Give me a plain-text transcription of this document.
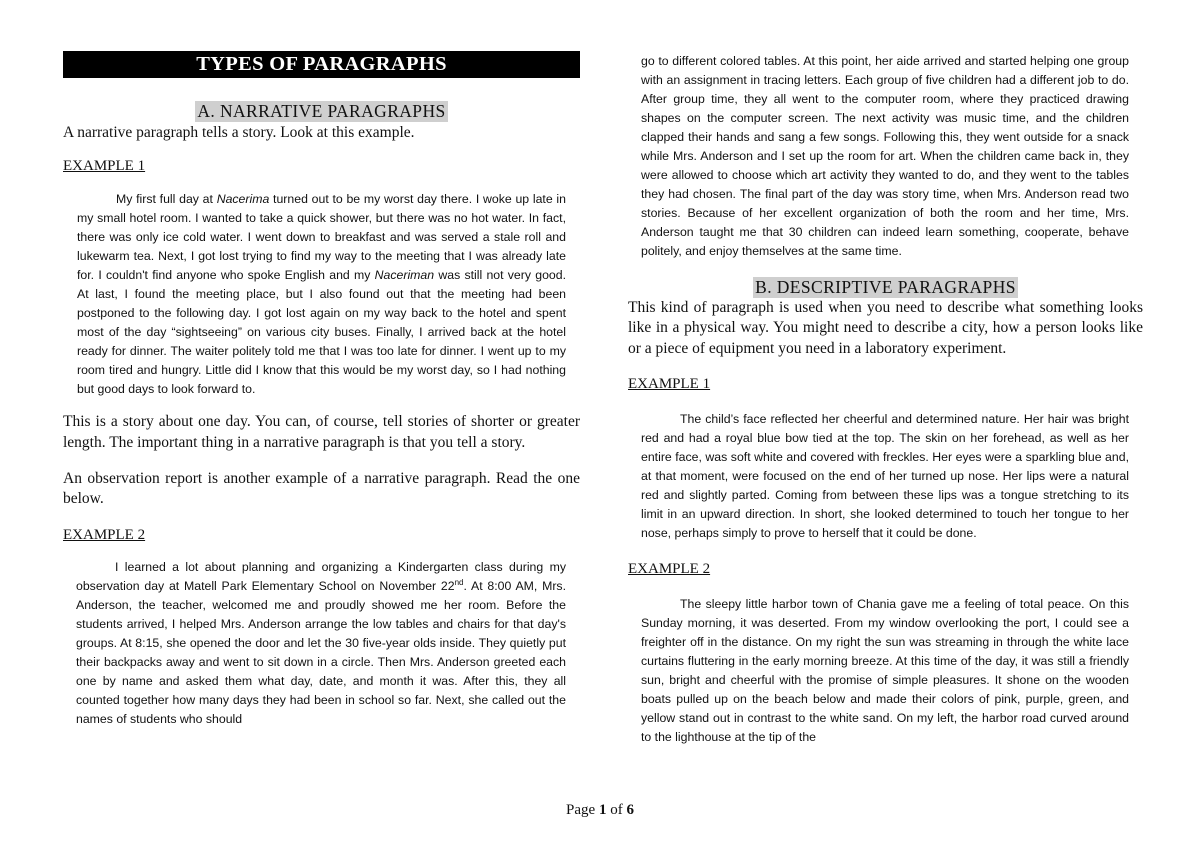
TYPES OF PARAGRAPHS
A. NARRATIVE PARAGRAPHS

A narrative paragraph tells a story. Look at this example.

EXAMPLE 1

My first full day at Nacerima turned out to be my worst day there. I woke up late in my small hotel room. I wanted to take a quick shower, but there was no hot water. In fact, there was only ice cold water. I went down to breakfast and was served a stale roll and lukewarm tea. Next, I got lost trying to find my way to the meeting that I was already late for. I couldn't find anyone who spoke English and my Naceriman was still not very good. At last, I found the meeting place, but I also found out that the meeting had been postponed to the following day. I got lost again on my way back to the hotel and spent most of the day “sightseeing” on various city buses. Finally, I arrived back at the hotel ready for dinner. The waiter politely told me that I was too late for dinner. I went up to my room tired and hungry. Little did I know that this would be my worst day, so I had nothing but good days to look forward to.

This is a story about one day. You can, of course, tell stories of shorter or greater length. The important thing in a narrative paragraph is that you tell a story.

An observation report is another example of a narrative paragraph. Read the one below.

EXAMPLE 2

I learned a lot about planning and organizing a Kindergarten class during my observation day at Matell Park Elementary School on November 22nd. At 8:00 AM, Mrs. Anderson, the teacher, welcomed me and proudly showed me her room. Before the students arrived, I helped Mrs. Anderson arrange the low tables and chairs for that day's groups. At 8:15, she opened the door and let the 30 five-year olds inside. They quietly put their backpacks away and went to sit down in a circle. Then Mrs. Anderson greeted each one by name and asked them what day, date, and month it was. After this, they all counted together how many days they had been in school so far. Next, she called out the names of students who should

go to different colored tables. At this point, her aide arrived and started helping one group with an assignment in tracing letters. Each group of five children had a different job to do. After group time, they all went to the computer room, where they practiced drawing shapes on the computer screen. The next activity was music time, and the children clapped their hands and sang a few songs. Following this, they went outside for a snack while Mrs. Anderson and I set up the room for art. When the children came back in, they were allowed to choose which art activity they wanted to do, and they went to the tables they had chosen. The final part of the day was story time, when Mrs. Anderson read two stories. Because of her excellent organization of both the room and her time, Mrs. Anderson taught me that 30 children can indeed learn something, cooperate, behave politely, and enjoy themselves at the same time.

B. DESCRIPTIVE PARAGRAPHS

This kind of paragraph is used when you need to describe what something looks like in a physical way. You might need to describe a city, how a person looks like or a piece of equipment you need in a laboratory experiment.

EXAMPLE 1

The child’s face reflected her cheerful and determined nature. Her hair was bright red and had a royal blue bow tied at the top. The skin on her forehead, as well as her entire face, was soft white and covered with freckles. Her eyes were a sparkling blue and, at that moment, were focused on the end of her turned up nose. Her lips were a natural red and slightly parted. Coming from between these lips was a tongue stretching to its limit in an upward direction. In short, she looked determined to touch her tongue to her nose, perhaps simply to prove to herself that it could be done.

EXAMPLE 2

The sleepy little harbor town of Chania gave me a feeling of total peace. On this Sunday morning, it was deserted. From my window overlooking the port, I could see a freighter off in the distance. On my right the sun was streaming in through the white lace curtains fluttering in the early morning breeze. At this time of the day, it was still a friendly sun, bright and cheerful with the promise of simple pleasures. It shone on the wooden boats pulled up on the beach below and made their colors of pink, purple, green, and yellow stand out in contrast to the white sand. On my left, the harbor road curved around to the lighthouse at the tip of the

Page 1 of 6
